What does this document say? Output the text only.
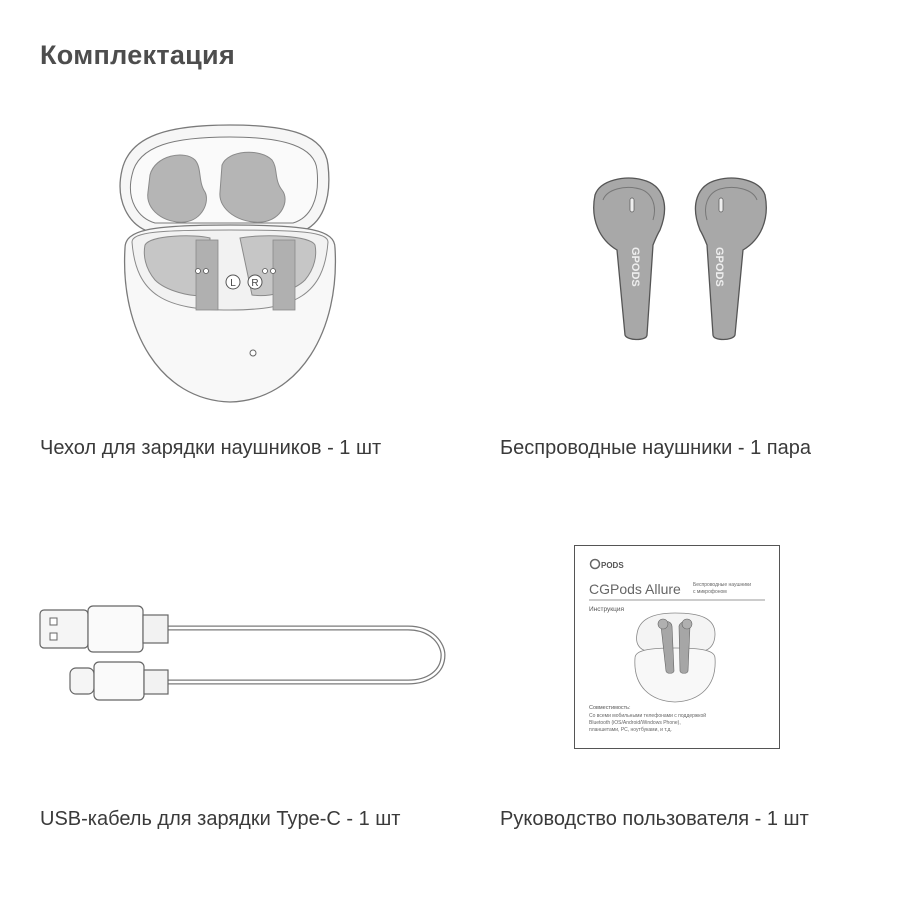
Комплектация
L R	GPODS	GPODS
PODS
CGPods Allure Беспроводные наушники
с микрофоном
Инструкция
Совместимость:
Со всеми мобильными телефонами с поддержкой
Bluetooth (iOS/Android/Windows Phone),
планшетами, PC, ноутбуками, и т.д.
Чехол для зарядки наушников - 1 шт	Беспроводные наушники - 1 пара
USB-кабель для зарядки Type-C - 1 шт	Руководство пользователя - 1 шт
